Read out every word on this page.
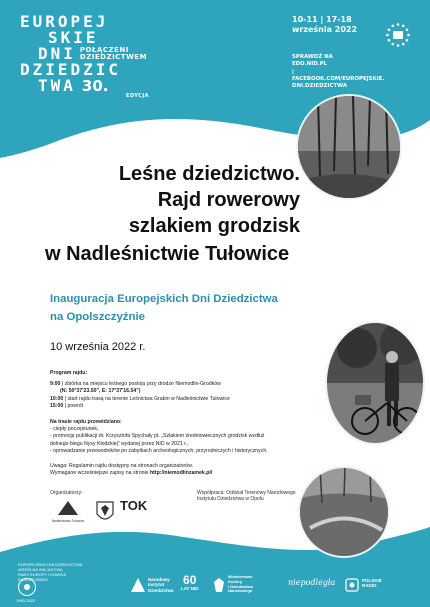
EUROPEJ
SKIE
DNI POŁĄCZENI
DZIEDZICTWEM
DZIEDZIC
TWA 30.
EDYCJA
10-11 | 17-18
września 2022
SPRAWDŹ NA
EDD.NID.PL
| FACEBOOK.COM/EUROPEJSKIE.
DNI.DZIEDZICTWA
Leśne dziedzictwo.
Rajd rowerowy
szlakiem grodzisk
w Nadleśnictwie Tułowice
Inauguracja Europejskich Dni Dziedzictwa
na Opolszczyźnie
10 września 2022 r.
Program rajdu:
9:00 | zbiórka na miejscu leśnego postoju przy drodze Niemodlin-Grodków
(N: 50°37'23.50", E: 17°37'16.54")
10:00 | start rajdu trasą na terenie Leśnictwa Grabin w Nadleśnictwie Tułowice
15:00 | powrót
Na trasie rajdu przewidziano:
- ciepły poczęstunek,
- promocję publikacji dr. Krzysztofa Spychały pt. „Szlakiem średniowiecznych grodzisk wzdłuż
dolnego biegu Nysy Kłodzkiej" wydanej przez NID w 2021 r.,
- oprowadzanie przewodników po zabytkach archeologicznych, przyrodniczych i historycznych.
Uwaga: Regulamin rajdu dostępny na stronach organizatorów.
Wymagane wcześniejsze zapisy na stronie http://niemodlinzamek.pl/
Organizatorzy:
Nadleśnictwo Tułowice
TOK
Współpraca: Oddział Terenowy Narodowego
Instytutu Dziedzictwa w Opolu
EUROPEJSKIE DNI DZIEDZICTWA
WSPÓLNA INICJATYWA
RADY EUROPY I KOMISJI EUROPEJSKIEJ
1993-2022
Narodowy
Instytut
Dziedzictwa
60
LAT NID
Ministerstwo
Kultury
i Dziedzictwa
Narodowego
niepodległa	POLSKIE
RADIO
